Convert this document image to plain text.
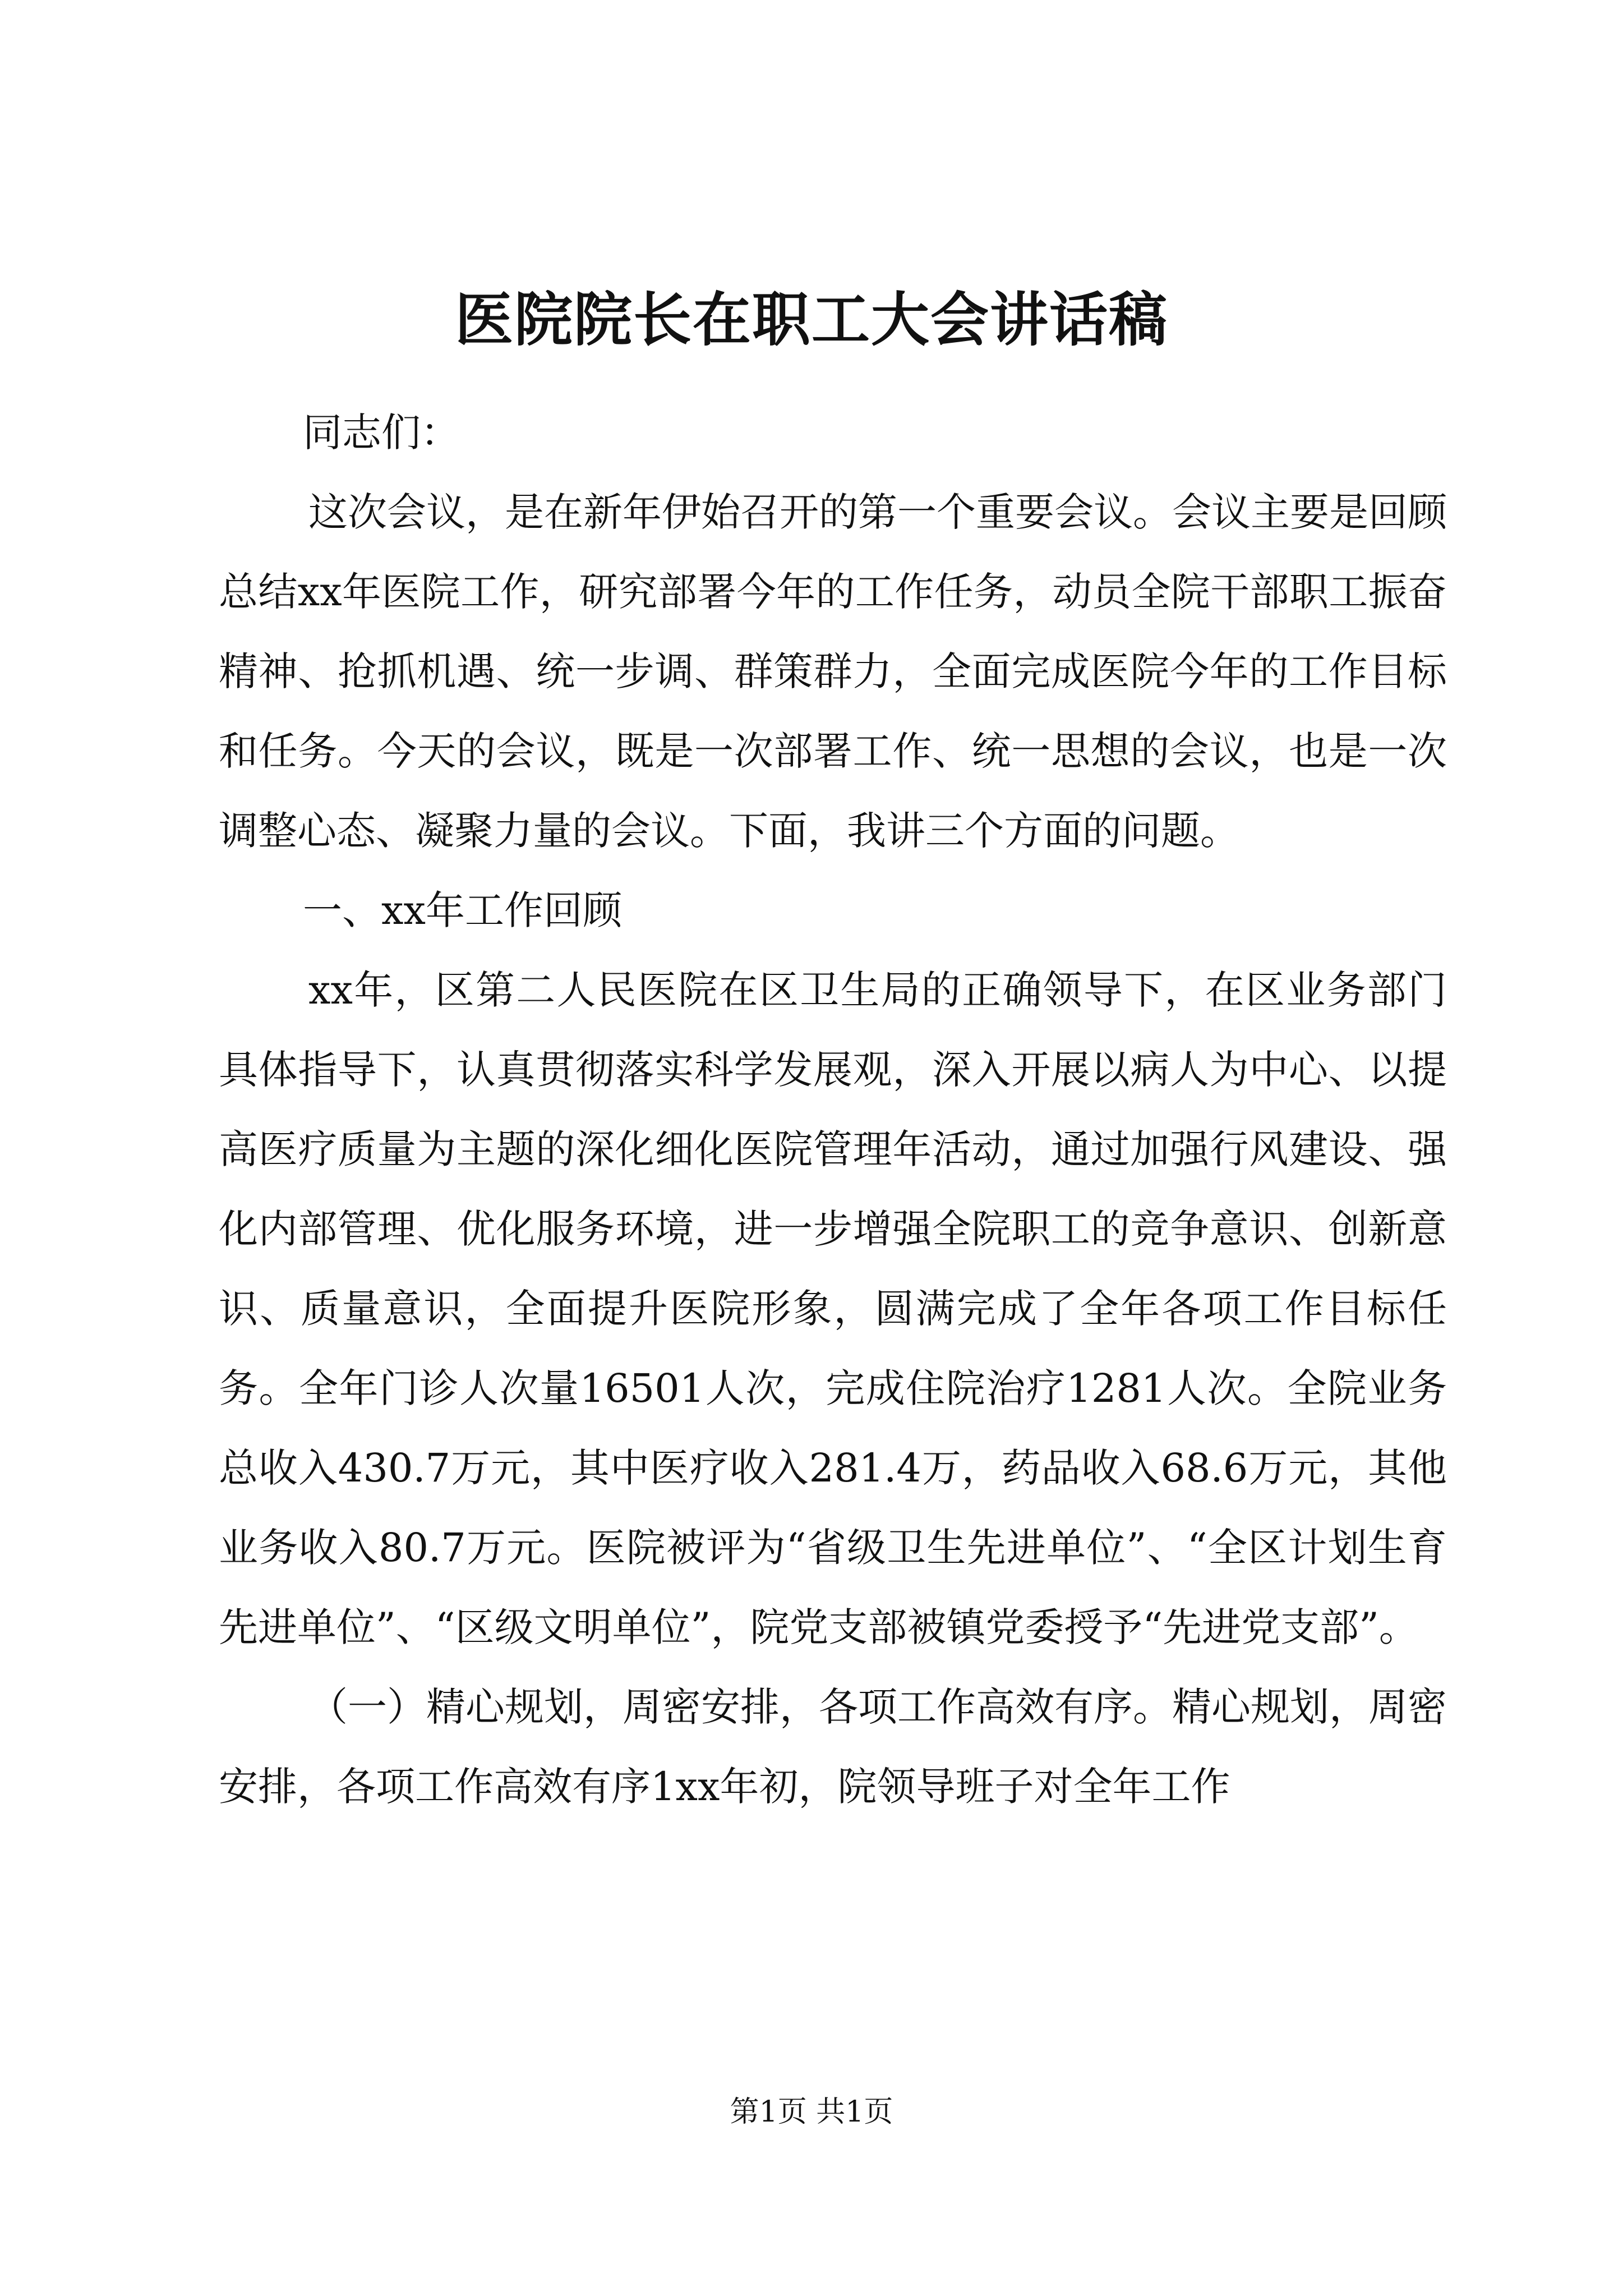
医院院长在职工大会讲话稿

同志们：

这次会议，是在新年伊始召开的第一个重要会议。会议主要是回顾总结xx年医院工作，研究部署今年的工作任务，动员全院干部职工振奋精神、抢抓机遇、统一步调、群策群力，全面完成医院今年的工作目标和任务。今天的会议，既是一次部署工作、统一思想的会议，也是一次调整心态、凝聚力量的会议。下面，我讲三个方面的问题。

一、xx年工作回顾

xx年，区第二人民医院在区卫生局的正确领导下，在区业务部门具体指导下，认真贯彻落实科学发展观，深入开展以病人为中心、以提高医疗质量为主题的深化细化医院管理年活动，通过加强行风建设、强化内部管理、优化服务环境，进一步增强全院职工的竞争意识、创新意识、质量意识，全面提升医院形象，圆满完成了全年各项工作目标任务。全年门诊人次量16501人次，完成住院治疗1281人次。全院业务总收入430.7万元，其中医疗收入281.4万，药品收入68.6万元，其他业务收入80.7万元。医院被评为“省级卫生先进单位”、“全区计划生育先进单位”、“区级文明单位”，院党支部被镇党委授予“先进党支部”。

（一）精心规划，周密安排，各项工作高效有序。精心规划，周密安排，各项工作高效有序1xx年初，院领导班子对全年工作

第1页 共1页
